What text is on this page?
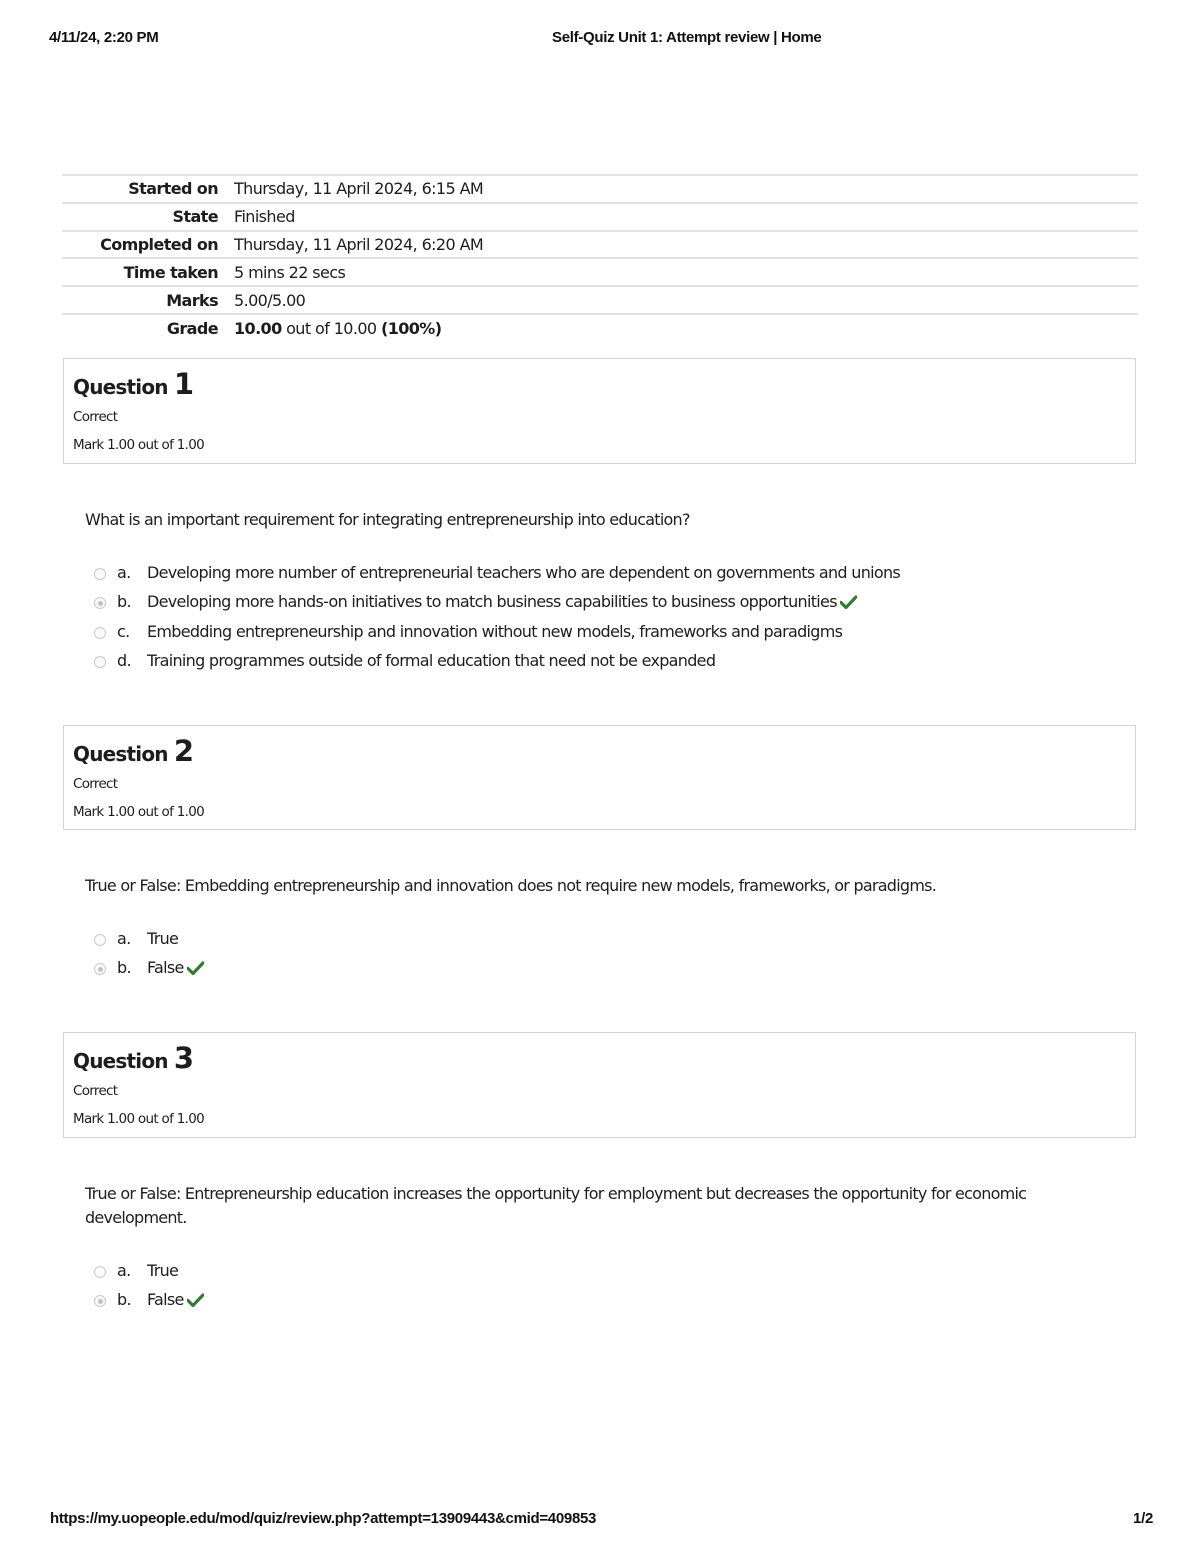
4/11/24, 2:20 PM	Self-Quiz Unit 1: Attempt review | Home
Started on	Thursday, 11 April 2024, 6:15 AM
State	Finished
Completed on	Thursday, 11 April 2024, 6:20 AM
Time taken	5 mins 22 secs
Marks	5.00/5.00
Grade	10.00 out of 10.00 (100%)
Question 1
Correct
Mark 1.00 out of 1.00
What is an important requirement for integrating entrepreneurship into education?
a. Developing more number of entrepreneurial teachers who are dependent on governments and unions
b. Developing more hands-on initiatives to match business capabilities to business opportunities
c. Embedding entrepreneurship and innovation without new models, frameworks and paradigms
d. Training programmes outside of formal education that need not be expanded
Question 2
Correct
Mark 1.00 out of 1.00
True or False: Embedding entrepreneurship and innovation does not require new models, frameworks, or paradigms.
a. True
b. False
Question 3
Correct
Mark 1.00 out of 1.00
True or False: Entrepreneurship education increases the opportunity for employment but decreases the opportunity for economic development.
a. True
b. False
https://my.uopeople.edu/mod/quiz/review.php?attempt=13909443&cmid=409853	1/2
